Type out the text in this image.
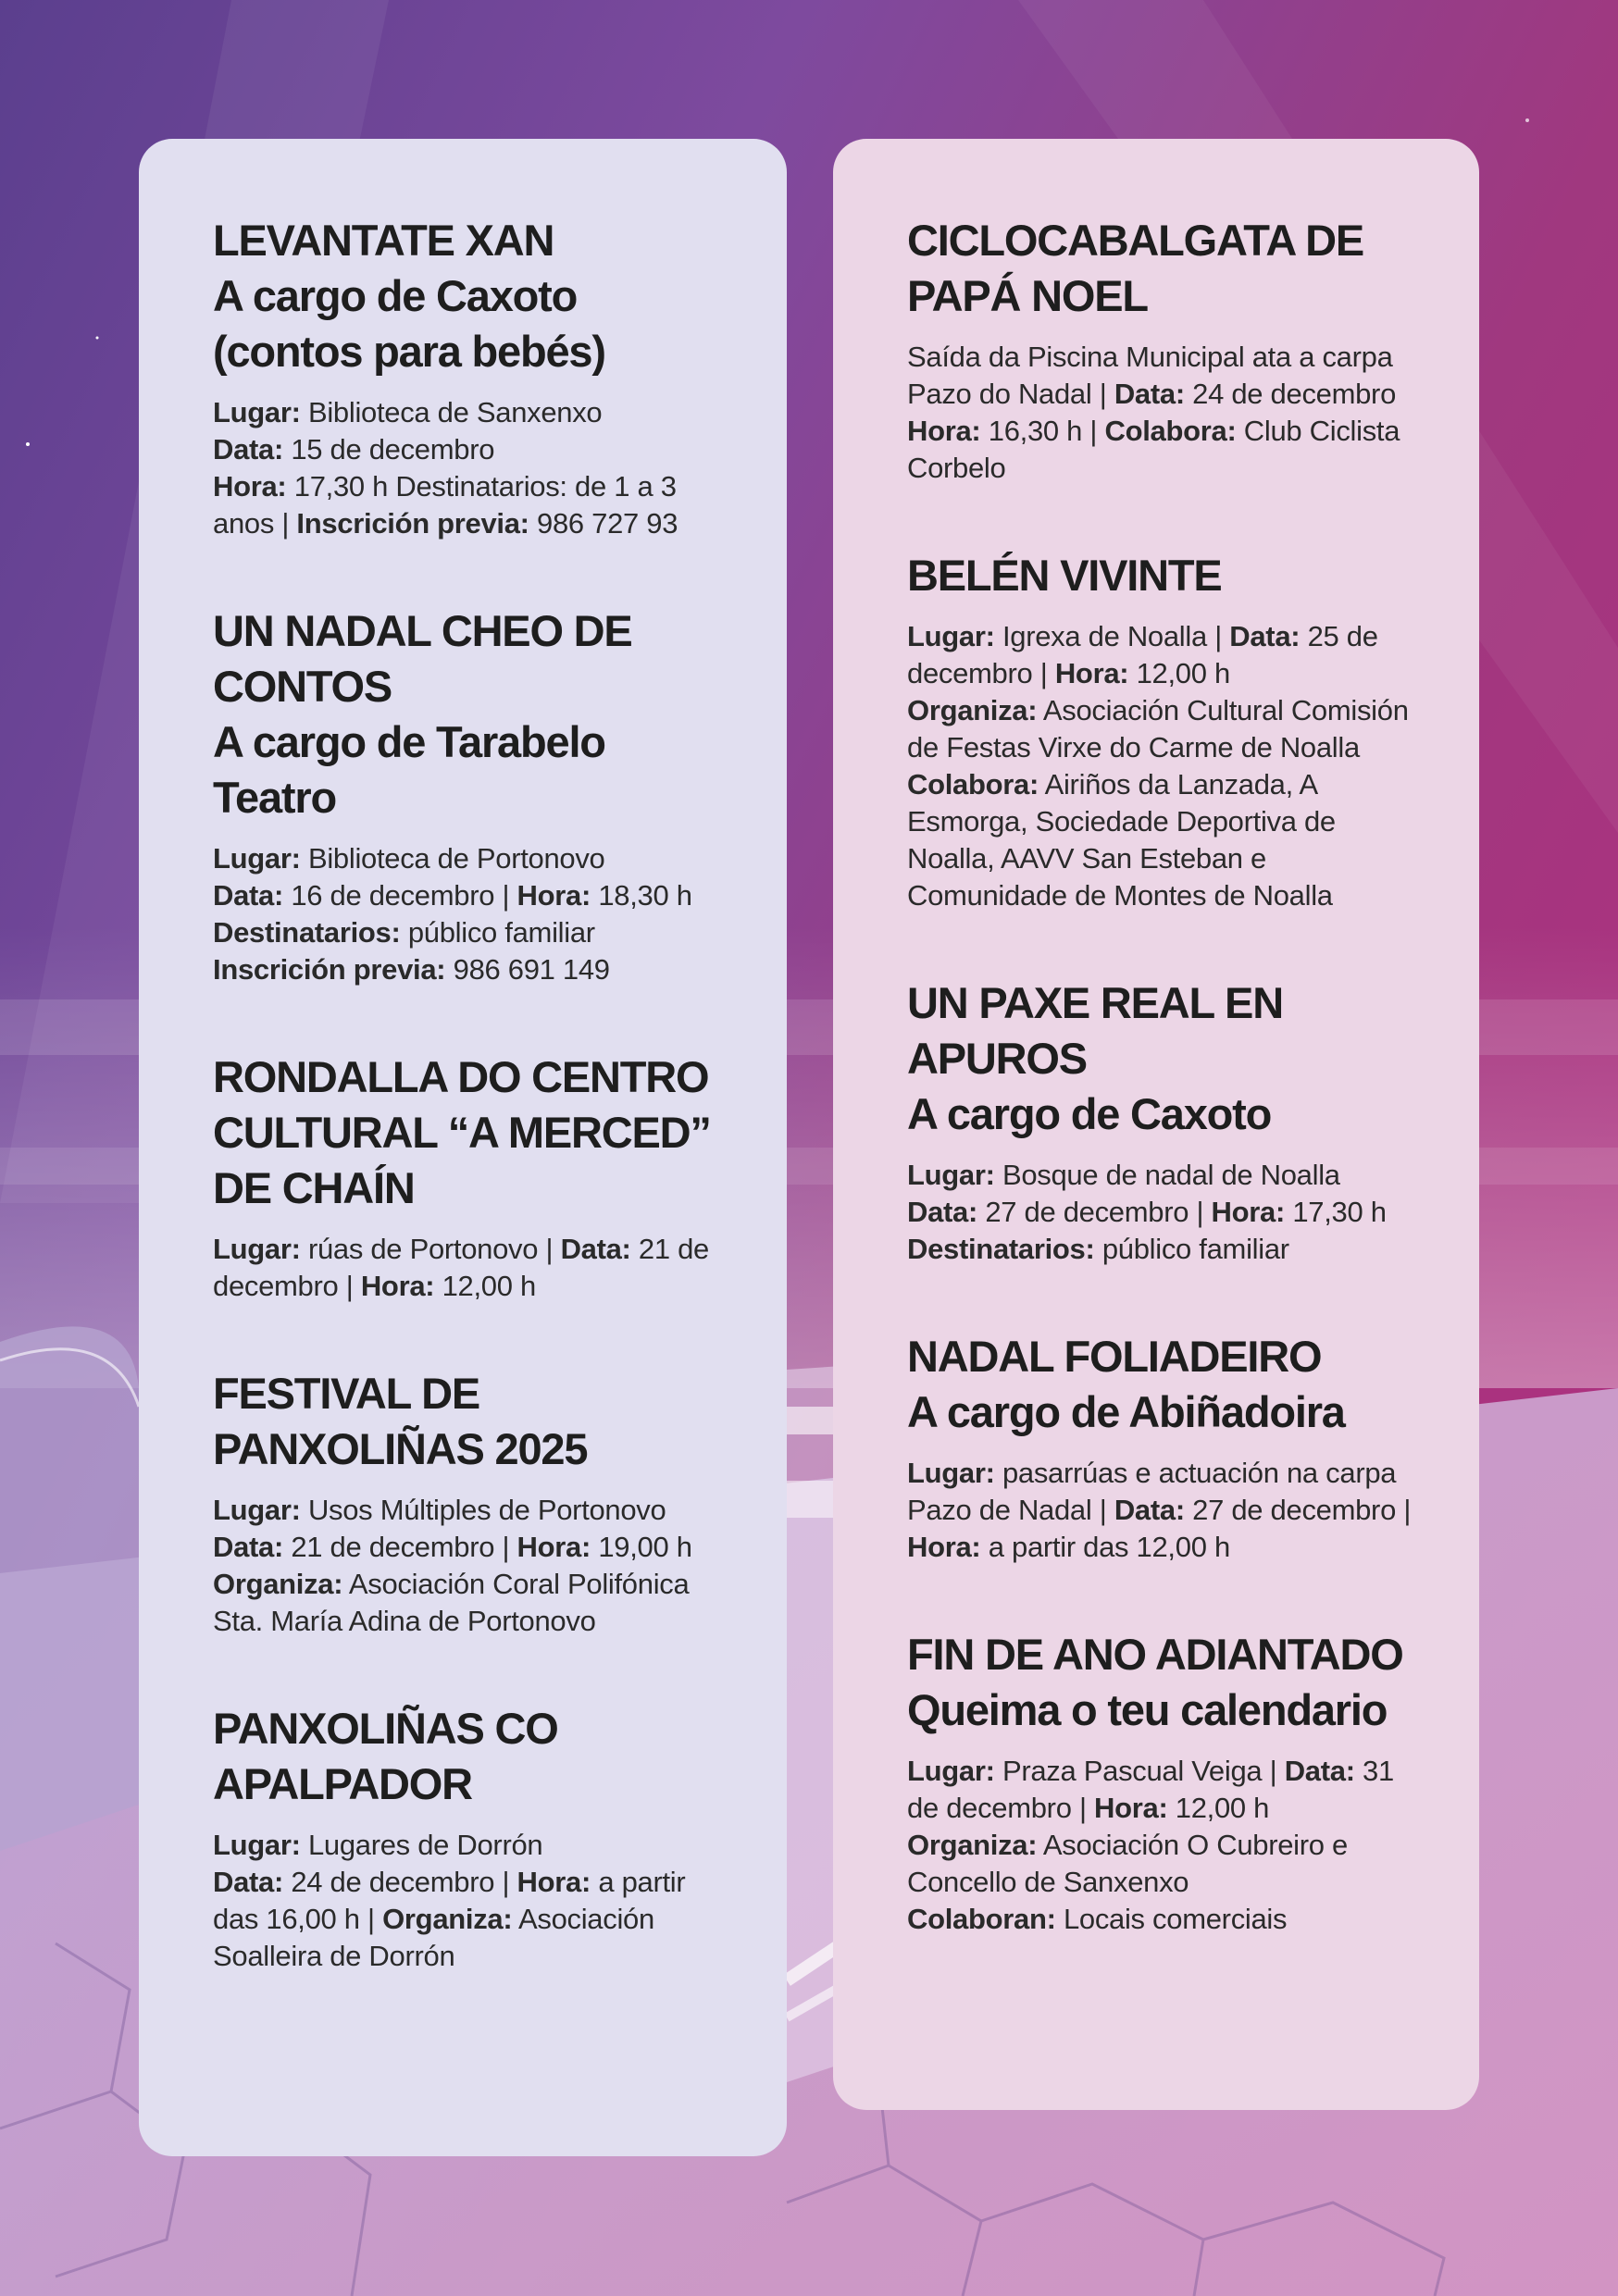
LEVANTATE XAN
A cargo de Caxoto (contos para bebés)
Lugar: Biblioteca de Sanxenxo
Data: 15 de decembro
Hora: 17,30 h Destinatarios: de 1 a 3 anos | Inscrición previa: 986 727 93
UN NADAL CHEO DE CONTOS
A cargo de Tarabelo Teatro
Lugar: Biblioteca de Portonovo
Data: 16 de decembro | Hora: 18,30 h
Destinatarios: público familiar
Inscrición previa: 986 691 149
RONDALLA DO CENTRO CULTURAL “A MERCED” DE CHAÍN
Lugar: rúas de Portonovo | Data: 21 de decembro | Hora: 12,00 h
FESTIVAL DE PANXOLIÑAS 2025
Lugar: Usos Múltiples de Portonovo
Data: 21 de decembro | Hora: 19,00 h
Organiza: Asociación Coral Polifónica Sta. María Adina de Portonovo
PANXOLIÑAS CO APALPADOR
Lugar: Lugares de Dorrón
Data: 24 de decembro | Hora: a partir das 16,00 h | Organiza: Asociación Soalleira de Dorrón
CICLOCABALGATA DE PAPÁ NOEL
Saída da Piscina Municipal ata a carpa Pazo do Nadal | Data: 24 de decembro Hora: 16,30 h | Colabora: Club Ciclista Corbelo
BELÉN VIVINTE
Lugar: Igrexa de Noalla | Data: 25 de decembro | Hora: 12,00 h
Organiza: Asociación Cultural Comisión de Festas Virxe do Carme de Noalla
Colabora: Airiños da Lanzada, A Esmorga, Sociedade Deportiva de Noalla, AAVV San Esteban e Comunidade de Montes de Noalla
UN PAXE REAL EN APUROS
A cargo de Caxoto
Lugar: Bosque de nadal de Noalla
Data: 27 de decembro | Hora: 17,30 h Destinatarios: público familiar
NADAL FOLIADEIRO
A cargo de Abiñadoira
Lugar: pasarrúas e actuación na carpa Pazo de Nadal | Data: 27 de decembro | Hora: a partir das 12,00 h
FIN DE ANO ADIANTADO
Queima o teu calendario
Lugar: Praza Pascual Veiga | Data: 31 de decembro | Hora: 12,00 h
Organiza: Asociación O Cubreiro e Concello de Sanxenxo
Colaboran: Locais comerciais
